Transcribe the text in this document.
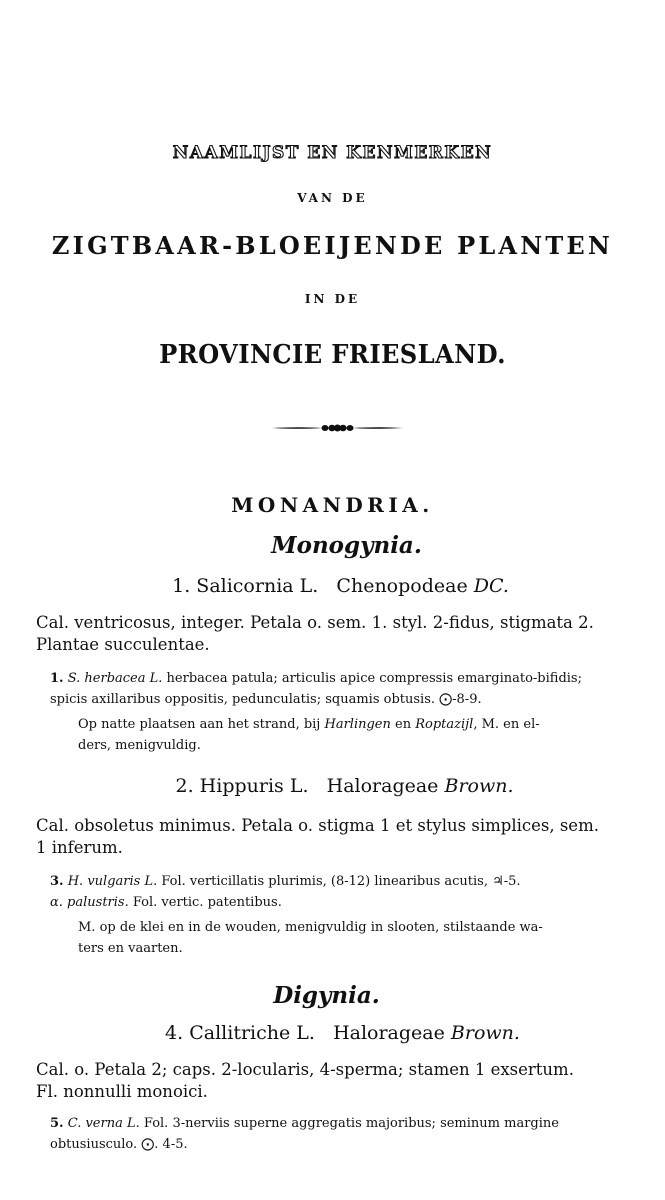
NAAMLIJST EN KENMERKEN
VAN DE
ZIGTBAAR-BLOEIJENDE PLANTEN
IN DE
PROVINCIE FRIESLAND.
MONANDRIA.
Monogynia.
1. Salicornia L. Chenopodeae DC.
Cal. ventricosus, integer. Petala o. sem. 1. styl. 2-fidus, stigmata 2.
Plantae succulentae.
1. S. herbacea L. herbacea patula; articulis apice compressis emarginato-bifidis;
spicis axillaribus oppositis, pedunculatis; squamis obtusis. ⨀-8-9.
Op natte plaatsen aan het strand, bij Harlingen en Roptazijl, M. en el-
ders, menigvuldig.
2. Hippuris L. Halorageae Brown.
Cal. obsoletus minimus. Petala o. stigma 1 et stylus simplices, sem.
1 inferum.
3. H. vulgaris L. Fol. verticillatis plurimis, (8-12) linearibus acutis, ♃-5.
α. palustris. Fol. vertic. patentibus.
M. op de klei en in de wouden, menigvuldig in slooten, stilstaande wa-
ters en vaarten.
Digynia.
4. Callitriche L. Halorageae Brown.
Cal. o. Petala 2; caps. 2-locularis, 4-sperma; stamen 1 exsertum.
Fl. nonnulli monoici.
5. C. verna L. Fol. 3-nerviis superne aggregatis majoribus; seminum margine
obtusiusculo. ⨀. 4-5.
